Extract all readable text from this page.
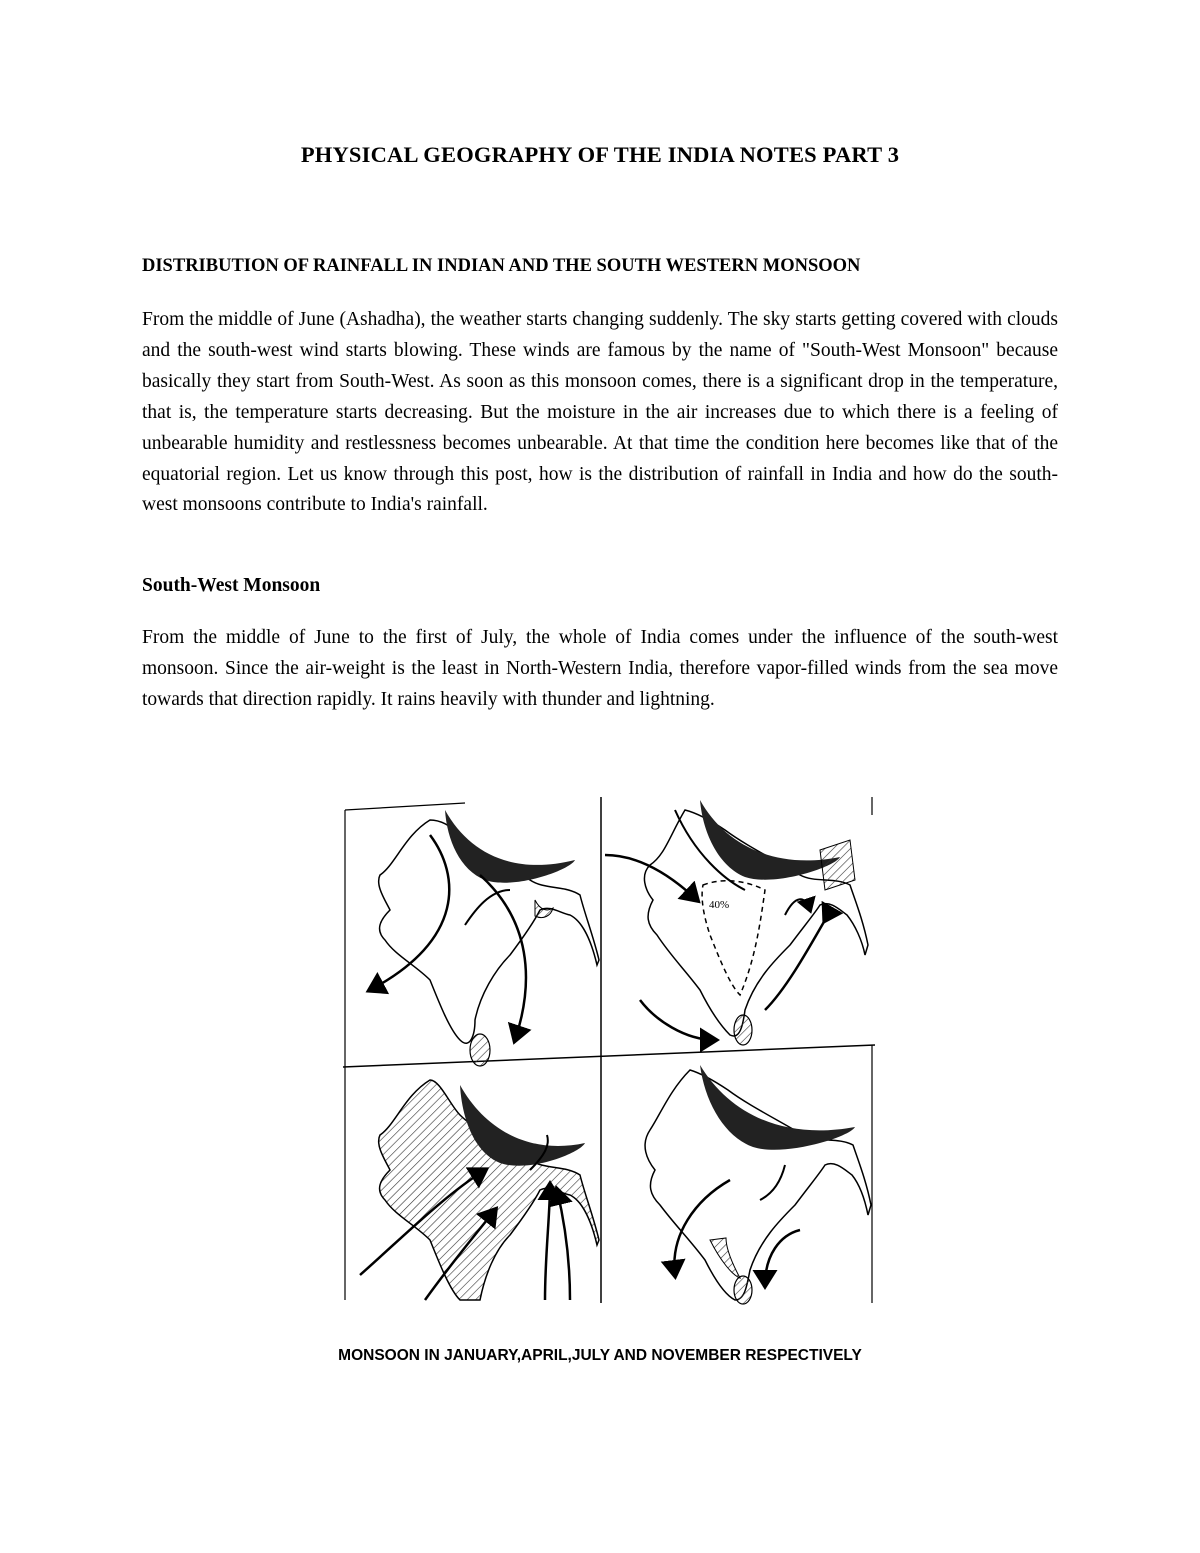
PHYSICAL GEOGRAPHY OF THE INDIA NOTES PART 3
DISTRIBUTION OF RAINFALL IN INDIAN AND THE SOUTH WESTERN MONSOON

From the middle of June (Ashadha), the weather starts changing suddenly. The sky starts getting covered with clouds and the south-west wind starts blowing. These winds are famous by the name of "South-West Monsoon" because basically they start from South-West. As soon as this monsoon comes, there is a significant drop in the temperature, that is, the temperature starts decreasing. But the moisture in the air increases due to which there is a feeling of unbearable humidity and restlessness becomes unbearable. At that time the condition here becomes like that of the equatorial region. Let us know through this post, how is the distribution of rainfall in India and how do the south-west monsoons contribute to India's rainfall.

South-West Monsoon

From the middle of June to the first of July, the whole of India comes under the influence of the south-west monsoon. Since the air-weight is the least in North-Western India, therefore vapor-filled winds from the sea move towards that direction rapidly. It rains heavily with thunder and lightning.

40%

MONSOON IN JANUARY,APRIL,JULY AND NOVEMBER RESPECTIVELY
